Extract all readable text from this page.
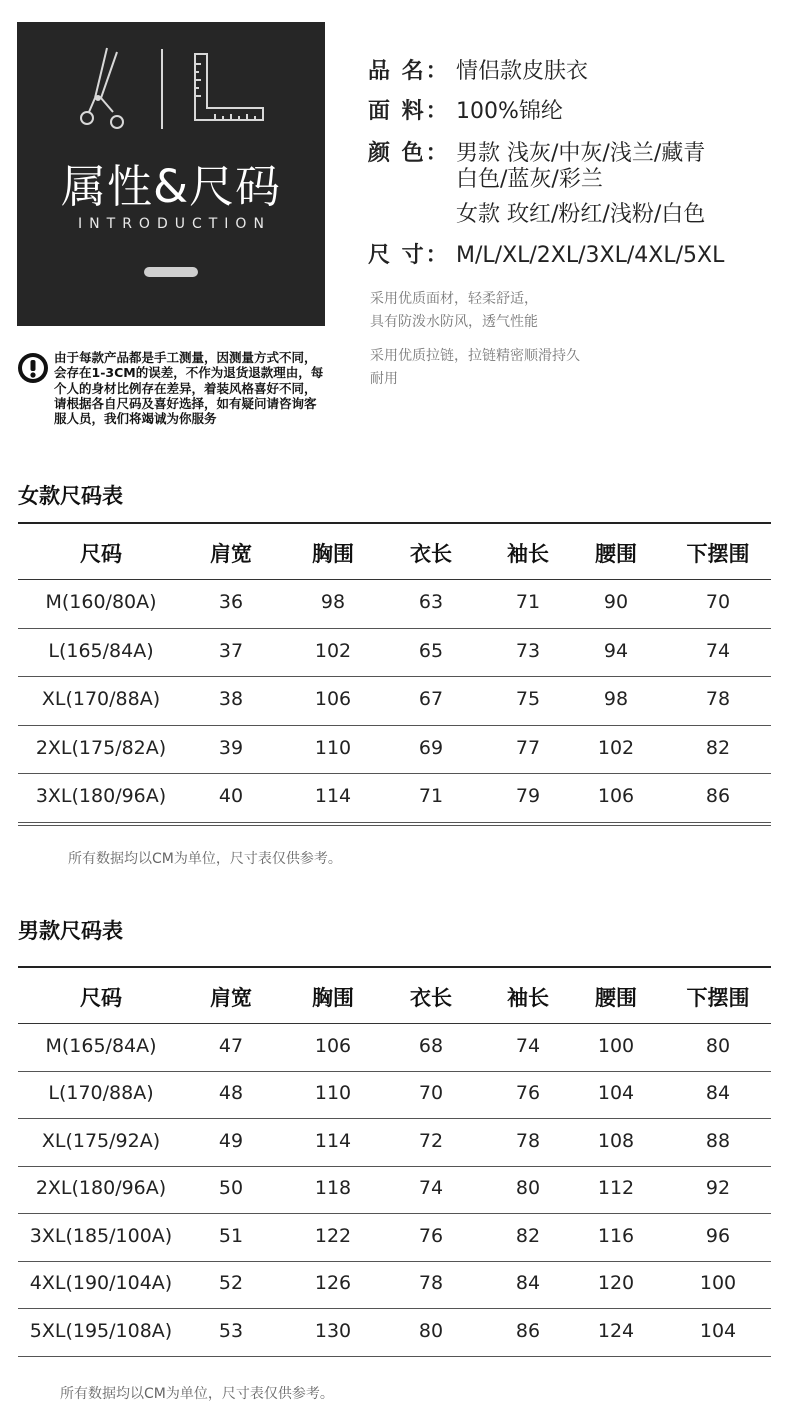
属性&尺码
INTRODUCTION
由于每款产品都是手工测量，因测量方式不同，会存在1-3CM的误差，不作为退货退款理由，每个人的身材比例存在差异，着装风格喜好不同，请根据各自尺码及喜好选择，如有疑问请咨询客服人员，我们将竭诚为你服务
品 名： 情侣款皮肤衣
面 料： 100%锦纶
颜 色： 男款 浅灰/中灰/浅兰/藏青
白色/蓝灰/彩兰
女款 玫红/粉红/浅粉/白色
尺 寸： M/L/XL/2XL/3XL/4XL/5XL
采用优质面材，轻柔舒适，
具有防泼水防风，透气性能
采用优质拉链，拉链精密顺滑持久
耐用
女款尺码表
尺码	肩宽	胸围	衣长	袖长 腰围 下摆围
M(160/80A)	36	98	63	71	90	70
L(165/84A)	37	102	65	73	94	74
XL(170/88A)	38	106	67	75	98	78
2XL(175/82A)	39	110	69	77	102	82
3XL(180/96A)	40	114	71	79	106	86
所有数据均以CM为单位，尺寸表仅供参考。
男款尺码表
尺码	肩宽	胸围	衣长	袖长 腰围 下摆围
M(165/84A)	47	106	68	74	100	80
L(170/88A)	48	110	70	76	104	84
XL(175/92A)	49	114	72	78	108	88
2XL(180/96A)	50	118	74	80	112	92
3XL(185/100A) 51	122	76	82	116	96
4XL(190/104A) 52	126	78	84	120	100
5XL(195/108A) 53	130	80	86	124	104
所有数据均以CM为单位，尺寸表仅供参考。
